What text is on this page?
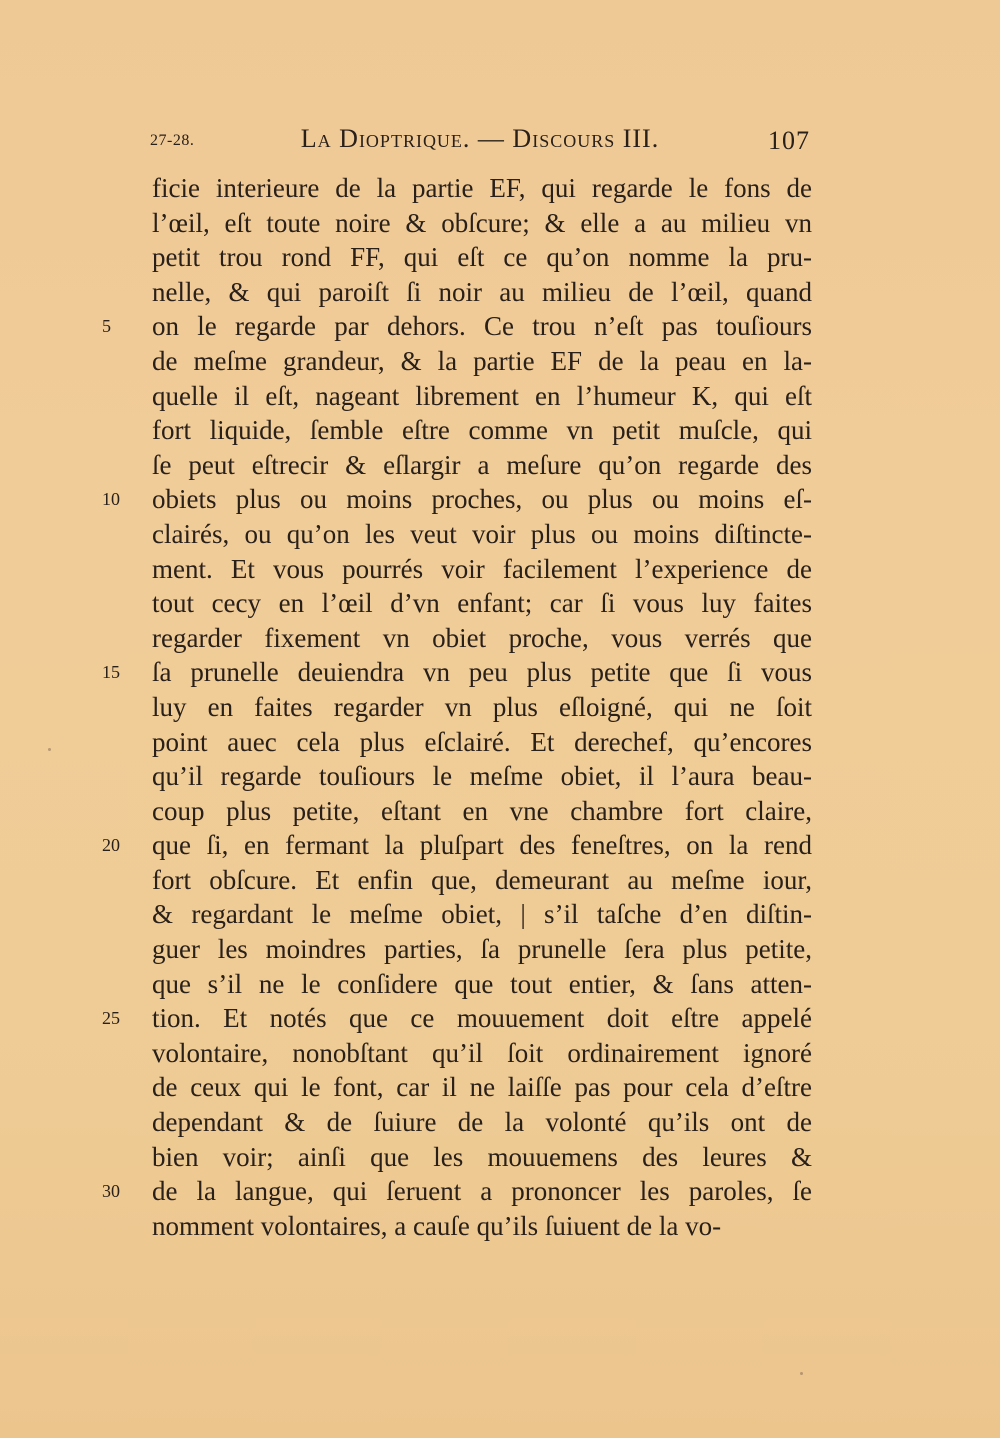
27-28.	La Dioptrique. — Discours III.	107
ficie interieure de la partie EF, qui regarde le fons de
l’œil, eſt toute noire & obſcure; & elle a au milieu vn
petit trou rond FF, qui eſt ce qu’on nomme la pru-
nelle, & qui paroiſt ſi noir au milieu de l’œil, quand
5	on le regarde par dehors. Ce trou n’eſt pas touſiours
de meſme grandeur, & la partie EF de la peau en la-
quelle il eſt, nageant librement en l’humeur K, qui eſt
fort liquide, ſemble eſtre comme vn petit muſcle, qui
ſe peut eſtrecir & eſlargir a meſure qu’on regarde des
10	obiets plus ou moins proches, ou plus ou moins eſ-
clairés, ou qu’on les veut voir plus ou moins diſtincte-
ment. Et vous pourrés voir facilement l’experience de
tout cecy en l’œil d’vn enfant; car ſi vous luy faites
regarder fixement vn obiet proche, vous verrés que
15	ſa prunelle deuiendra vn peu plus petite que ſi vous
luy en faites regarder vn plus eſloigné, qui ne ſoit
point auec cela plus eſclairé. Et derechef, qu’encores
qu’il regarde touſiours le meſme obiet, il l’aura beau-
coup plus petite, eſtant en vne chambre fort claire,
20	que ſi, en fermant la pluſpart des feneſtres, on la rend
fort obſcure. Et enfin que, demeurant au meſme iour,
& regardant le meſme obiet, | s’il taſche d’en diſtin-
guer les moindres parties, ſa prunelle ſera plus petite,
que s’il ne le conſidere que tout entier, & ſans atten-
25	tion. Et notés que ce mouuement doit eſtre appelé
volontaire, nonobſtant qu’il ſoit ordinairement ignoré
de ceux qui le font, car il ne laiſſe pas pour cela d’eſtre
dependant & de ſuiure de la volonté qu’ils ont de
bien voir; ainſi que les mouuemens des leures &
30	de la langue, qui ſeruent a prononcer les paroles, ſe
nomment volontaires, a cauſe qu’ils ſuiuent de la vo-
